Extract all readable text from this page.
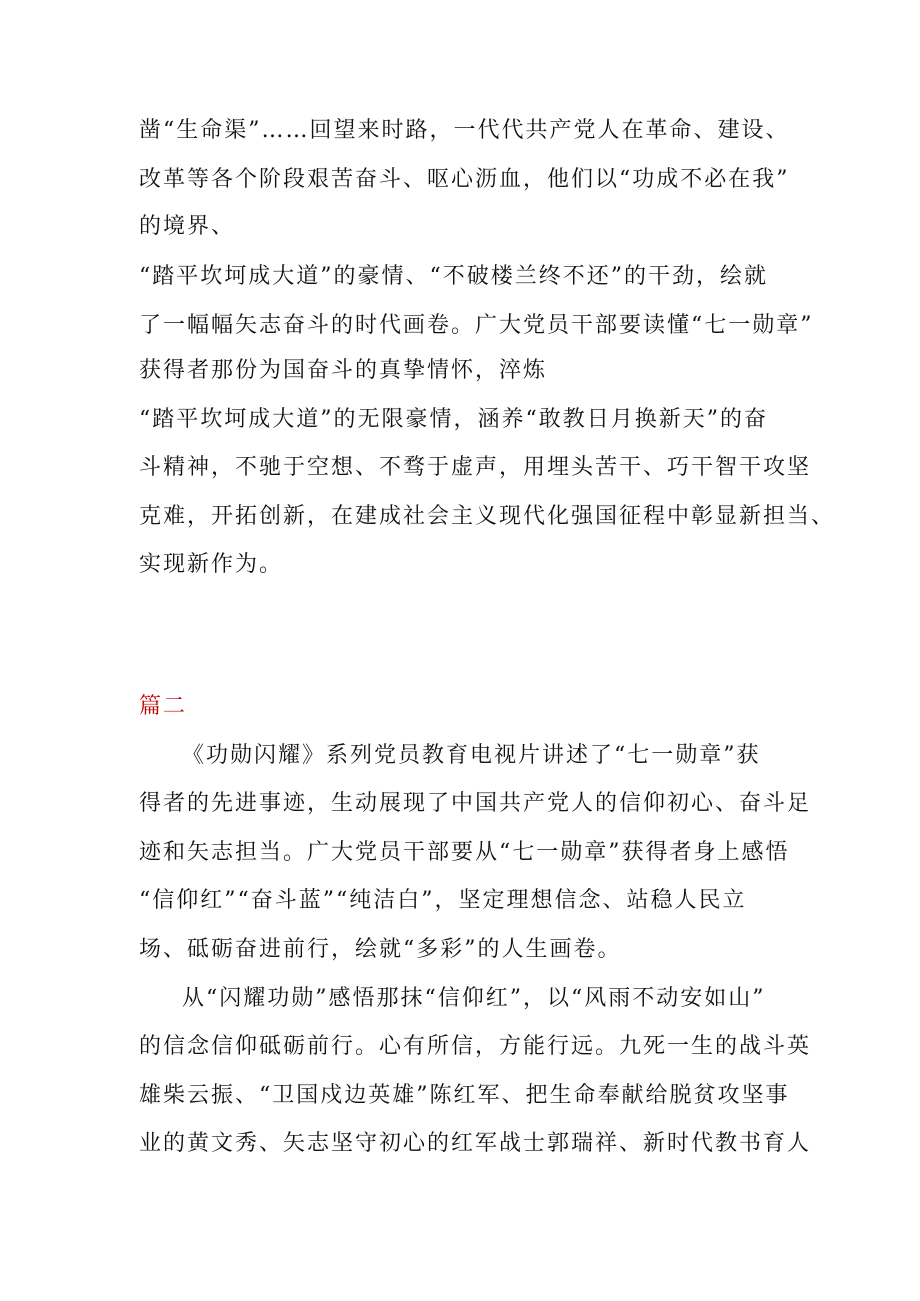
凿“生命渠”……回望来时路，一代代共产党人在革命、建设、
改革等各个阶段艰苦奋斗、呕心沥血，他们以“功成不必在我”
的境界、
“踏平坎坷成大道”的豪情、“不破楼兰终不还”的干劲，绘就
了一幅幅矢志奋斗的时代画卷。广大党员干部要读懂“七一勋章”
获得者那份为国奋斗的真挚情怀，淬炼
“踏平坎坷成大道”的无限豪情，涵养“敢教日月换新天”的奋
斗精神，不驰于空想、不骛于虚声，用埋头苦干、巧干智干攻坚
克难，开拓创新，在建成社会主义现代化强国征程中彰显新担当、
实现新作为。
篇二
《功勋闪耀》系列党员教育电视片讲述了“七一勋章”获
得者的先进事迹，生动展现了中国共产党人的信仰初心、奋斗足
迹和矢志担当。广大党员干部要从“七一勋章”获得者身上感悟
“信仰红”“奋斗蓝”“纯洁白”，坚定理想信念、站稳人民立
场、砥砺奋进前行，绘就“多彩”的人生画卷。
从“闪耀功勋”感悟那抹“信仰红”，以“风雨不动安如山”
的信念信仰砥砺前行。心有所信，方能行远。九死一生的战斗英
雄柴云振、“卫国戍边英雄”陈红军、把生命奉献给脱贫攻坚事
业的黄文秀、矢志坚守初心的红军战士郭瑞祥、新时代教书育人
